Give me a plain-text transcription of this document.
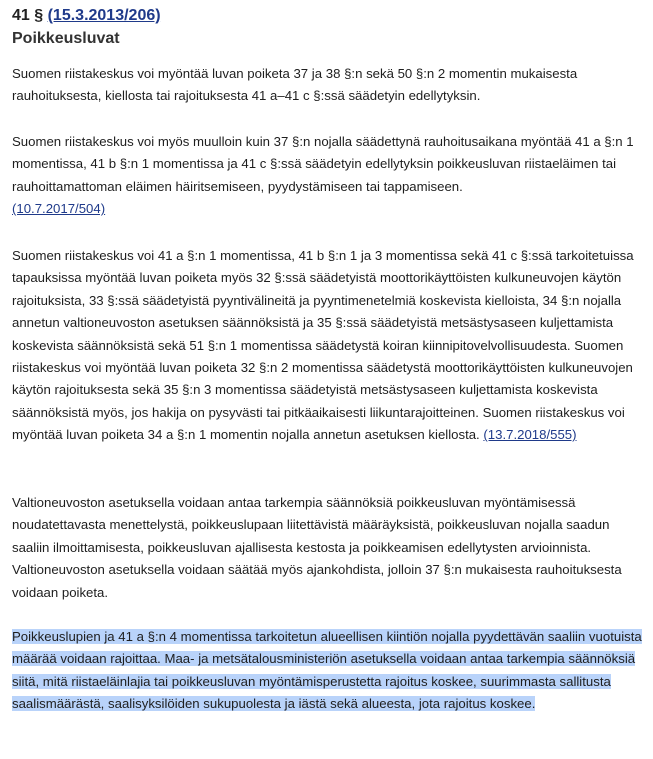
41 § (15.3.2013/206)
Poikkeusluvat

Suomen riistakeskus voi myöntää luvan poiketa 37 ja 38 §:n sekä 50 §:n 2 momentin mukaisesta rauhoituksesta, kiellosta tai rajoituksesta 41 a–41 c §:ssä säädetyin edellytyksin.

Suomen riistakeskus voi myös muulloin kuin 37 §:n nojalla säädettynä rauhoitusaikana myöntää 41 a §:n 1 momentissa, 41 b §:n 1 momentissa ja 41 c §:ssä säädetyin edellytyksin poikkeusluvan riistaeläimen tai rauhoittamattoman eläimen häiritsemiseen, pyydystämiseen tai tappamiseen.
(10.7.2017/504)

Suomen riistakeskus voi 41 a §:n 1 momentissa, 41 b §:n 1 ja 3 momentissa sekä 41 c §:ssä tarkoitetuissa tapauksissa myöntää luvan poiketa myös 32 §:ssä säädetyistä moottorikäyttöisten kulkuneuvojen käytön rajoituksista, 33 §:ssä säädetyistä pyyntivälineitä ja pyyntimenetelmiä koskevista kielloista, 34 §:n nojalla annetun valtioneuvoston asetuksen säännöksistä ja 35 §:ssä säädetyistä metsästysaseen kuljettamista koskevista säännöksistä sekä 51 §:n 1 momentissa säädetystä koiran kiinnipitovelvollisuudesta. Suomen riistakeskus voi myöntää luvan poiketa 32 §:n 2 momentissa säädetystä moottorikäyttöisten kulkuneuvojen käytön rajoituksesta sekä 35 §:n 3 momentissa säädetyistä metsästysaseen kuljettamista koskevista säännöksistä myös, jos hakija on pysyvästi tai pitkäaikaisesti liikuntarajoitteinen. Suomen riistakeskus voi myöntää luvan poiketa 34 a §:n 1 momentin nojalla annetun asetuksen kiellosta. (13.7.2018/555)

Valtioneuvoston asetuksella voidaan antaa tarkempia säännöksiä poikkeusluvan myöntämisessä noudatettavasta menettelystä, poikkeuslupaan liitettävistä määräyksistä, poikkeusluvan nojalla saadun saaliin ilmoittamisesta, poikkeusluvan ajallisesta kestosta ja poikkeamisen edellytysten arvioinnista. Valtioneuvoston asetuksella voidaan säätää myös ajankohdista, jolloin 37 §:n mukaisesta rauhoituksesta voidaan poiketa.

Poikkeuslupien ja 41 a §:n 4 momentissa tarkoitetun alueellisen kiintiön nojalla pyydettävän saaliin vuotuista määrää voidaan rajoittaa. Maa- ja metsätalousministeriön asetuksella voidaan antaa tarkempia säännöksiä siitä, mitä riistaeläinlajia tai poikkeusluvan myöntämisperustetta rajoitus koskee, suurimmasta sallitusta saalismäärästä, saalisyksilöiden sukupuolesta ja iästä sekä alueesta, jota rajoitus koskee.
